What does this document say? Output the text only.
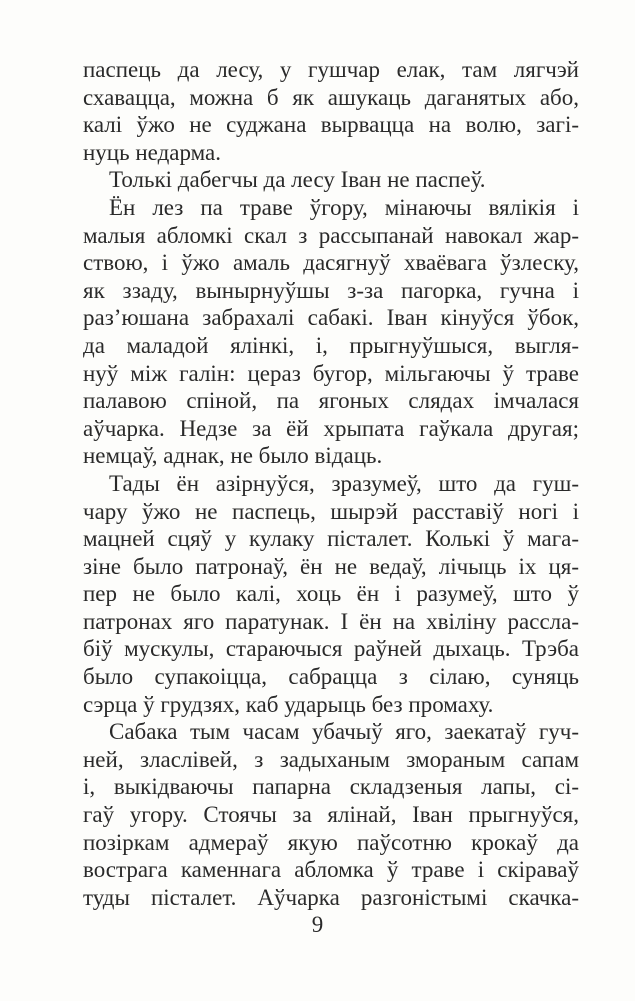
паспець да лесу, у гушчар елак, там лягчэй
схавацца, можна б як ашукаць даганятых або,
калі ўжо не суджана вырвацца на волю, загі-
нуць недарма.
Толькі дабегчы да лесу Іван не паспеў.
Ён лез па траве ўгору, мінаючы вялікія і
малыя абломкі скал з рассыпанай навокал жар-
ствою, і ўжо амаль дасягнуў хваёвага ўзлеску,
як ззаду, вынырнуўшы з-за пагорка, гучна і
раз’юшана забрахалі сабакі. Іван кінуўся ўбок,
да маладой ялінкі, і, прыгнуўшыся, выгля-
нуў між галін: цераз бугор, мільгаючы ў траве
палавою спіной, па ягоных слядах імчалася
аўчарка. Недзе за ёй хрыпата гаўкала другая;
немцаў, аднак, не было відаць.
Тады ён азірнуўся, зразумеў, што да гуш-
чару ўжо не паспець, шырэй расставіў ногі і
мацней сцяў у кулаку пісталет. Колькі ў мага-
зіне было патронаў, ён не ведаў, лічыць іх ця-
пер не было калі, хоць ён і разумеў, што ў
патронах яго паратунак. І ён на хвіліну расслa-
біў мускулы, стараючыся раўней дыхаць. Трэба
было супакоіцца, сабрацца з сілаю, суняць
сэрца ў грудзях, каб ударыць без промаху.
Сабака тым часам убачыў яго, заекатаў гуч-
ней, зласлівей, з задыханым змораным сапам
і, выкідваючы папарна складзеныя лапы, сі-
гаў угору. Стоячы за ялінай, Іван прыгнуўся,
позіркам адмераў якую паўсотню крокаў да
вострага каменнага абломка ў траве і скіраваў
туды пісталет. Аўчарка разгоністымі скачка-
9
